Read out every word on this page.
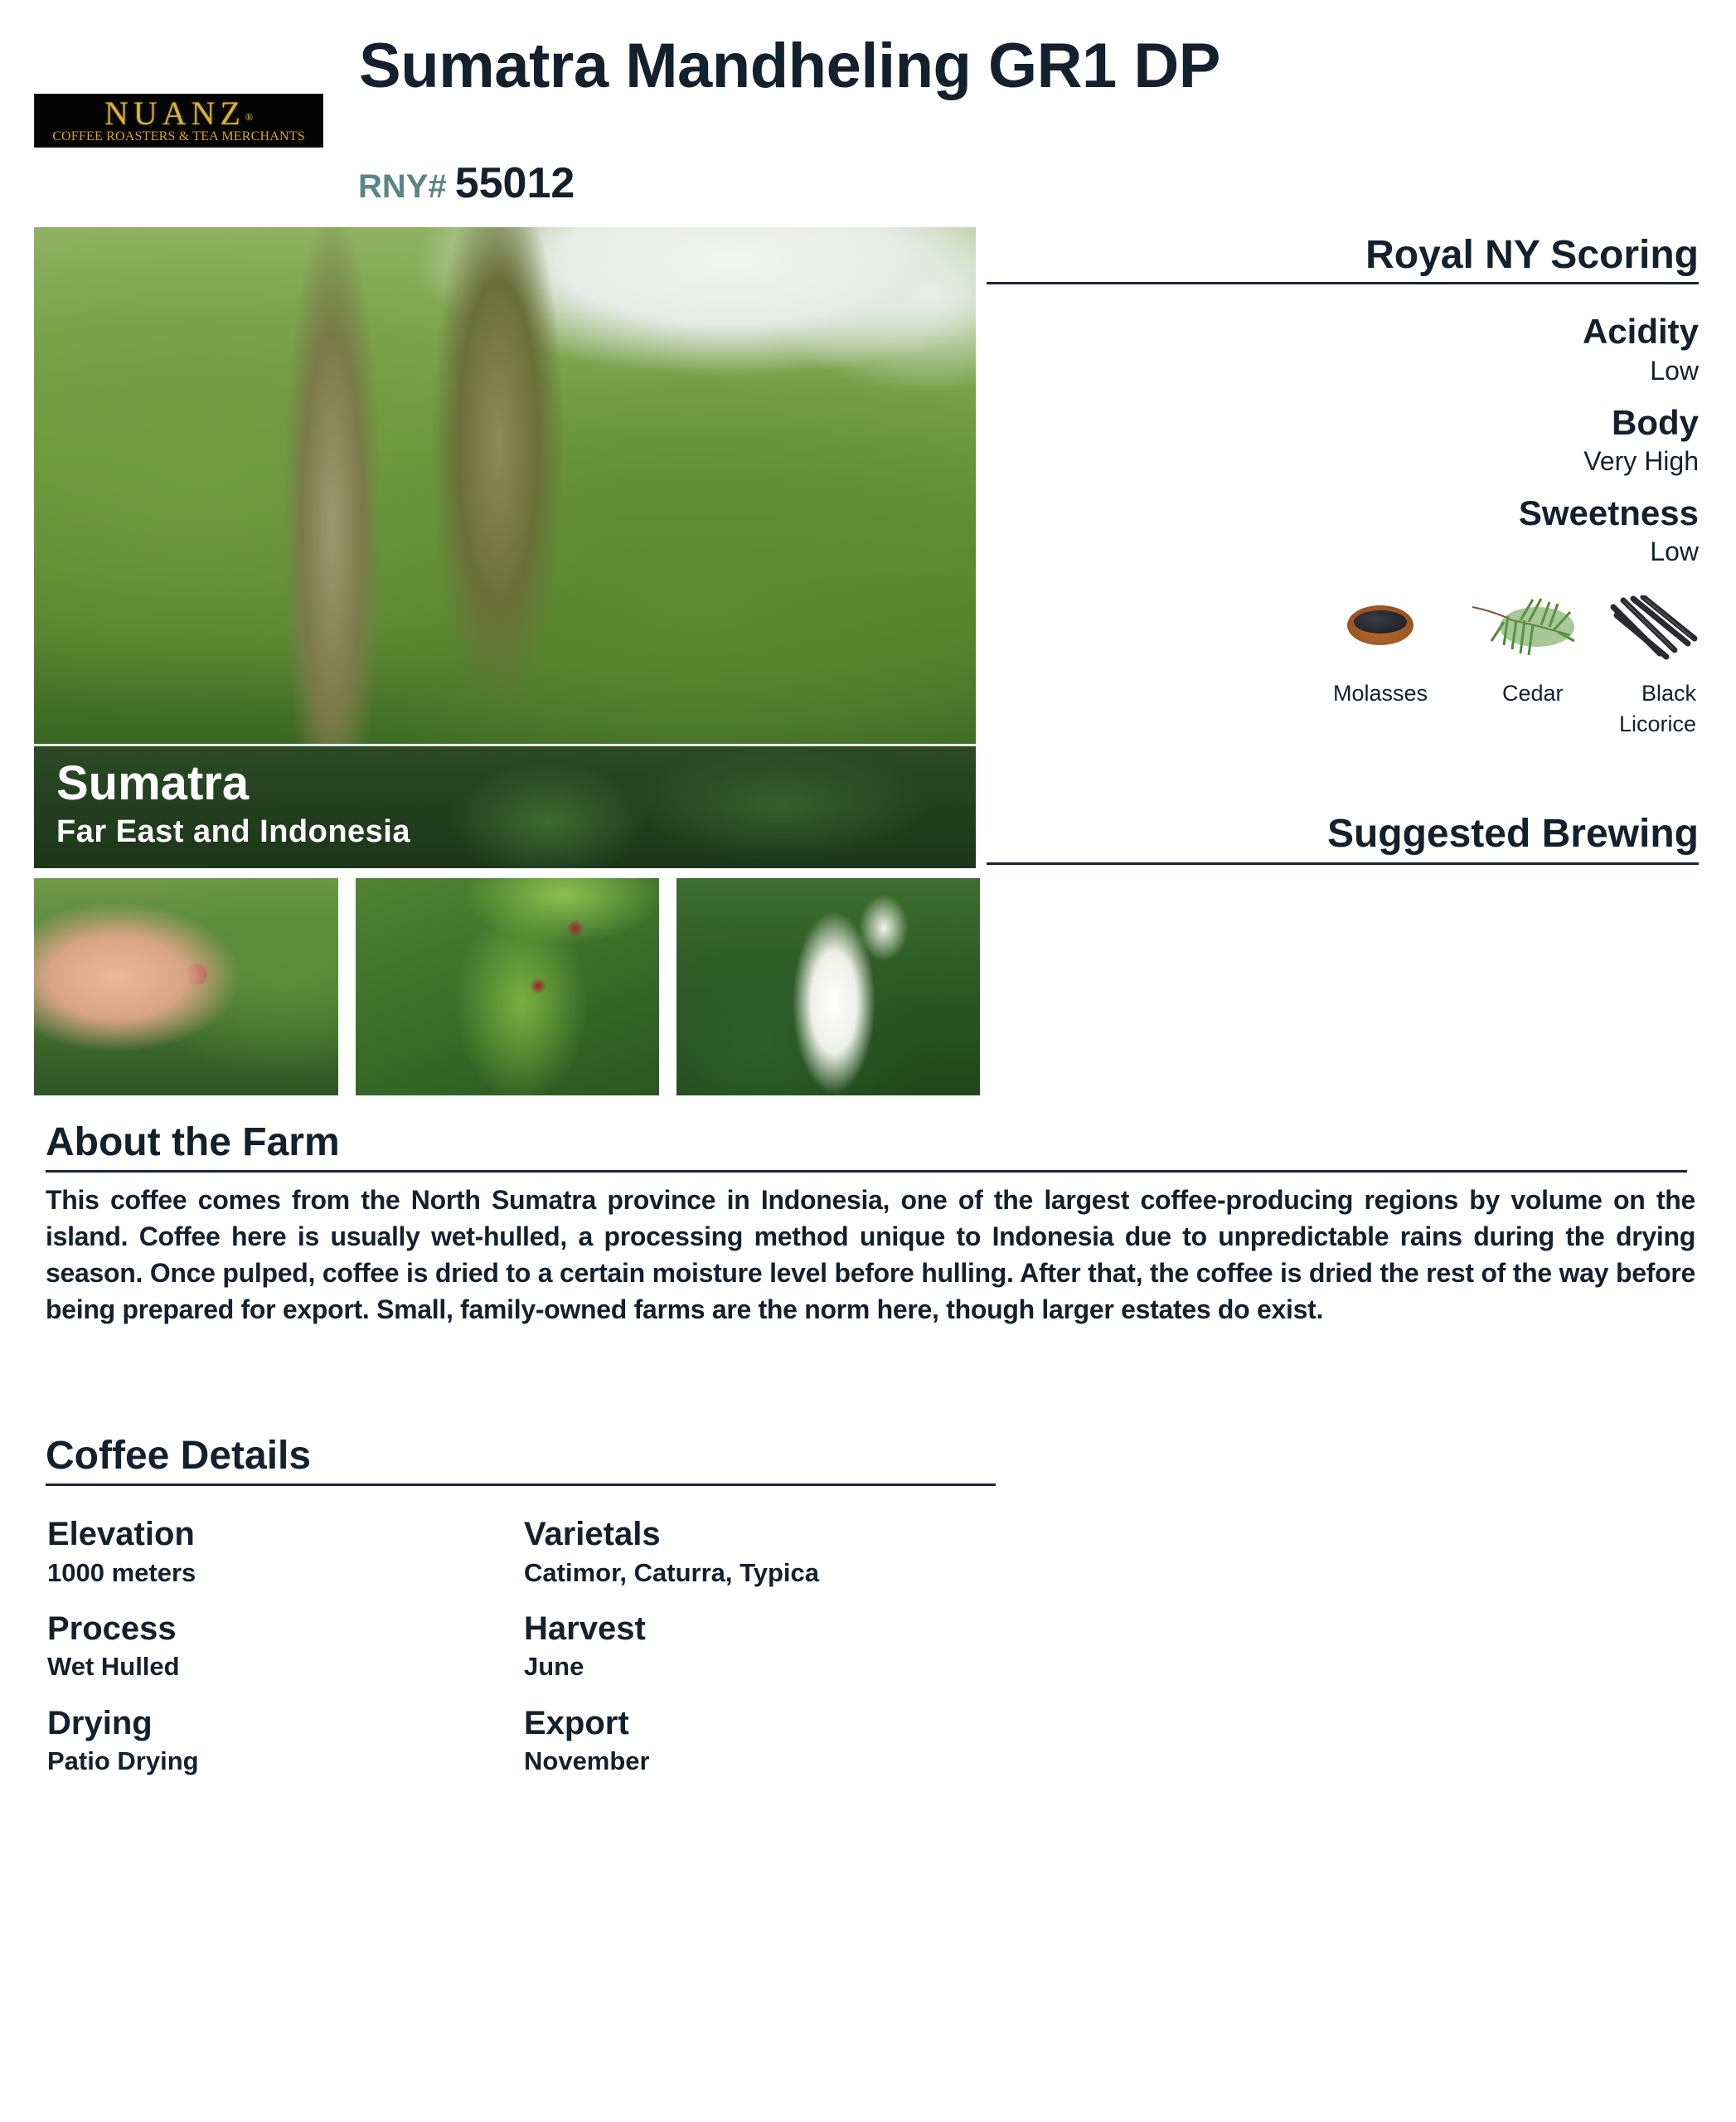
NUANZ®
COFFEE ROASTERS & TEA MERCHANTS
Sumatra Mandheling GR1 DP
RNY# 55012
Sumatra
Far East and Indonesia
Royal NY Scoring
Acidity
Low
Body
Very High
Sweetness
Low
Molasses	Cedar	Black
Licorice
Suggested Brewing
About the Farm
This coffee comes from the North Sumatra province in Indonesia, one of the largest coffee-producing regions by volume on the island. Coffee here is usually wet-hulled, a processing method unique to Indonesia due to unpredictable rains during the drying season. Once pulped, coffee is dried to a certain moisture level before hulling. After that, the coffee is dried the rest of the way before being prepared for export. Small, family-owned farms are the norm here, though larger estates do exist.
Coffee Details
Elevation
1000 meters
Varietals
Catimor, Caturra, Typica
Process
Wet Hulled
Harvest
June
Drying
Patio Drying
Export
November
